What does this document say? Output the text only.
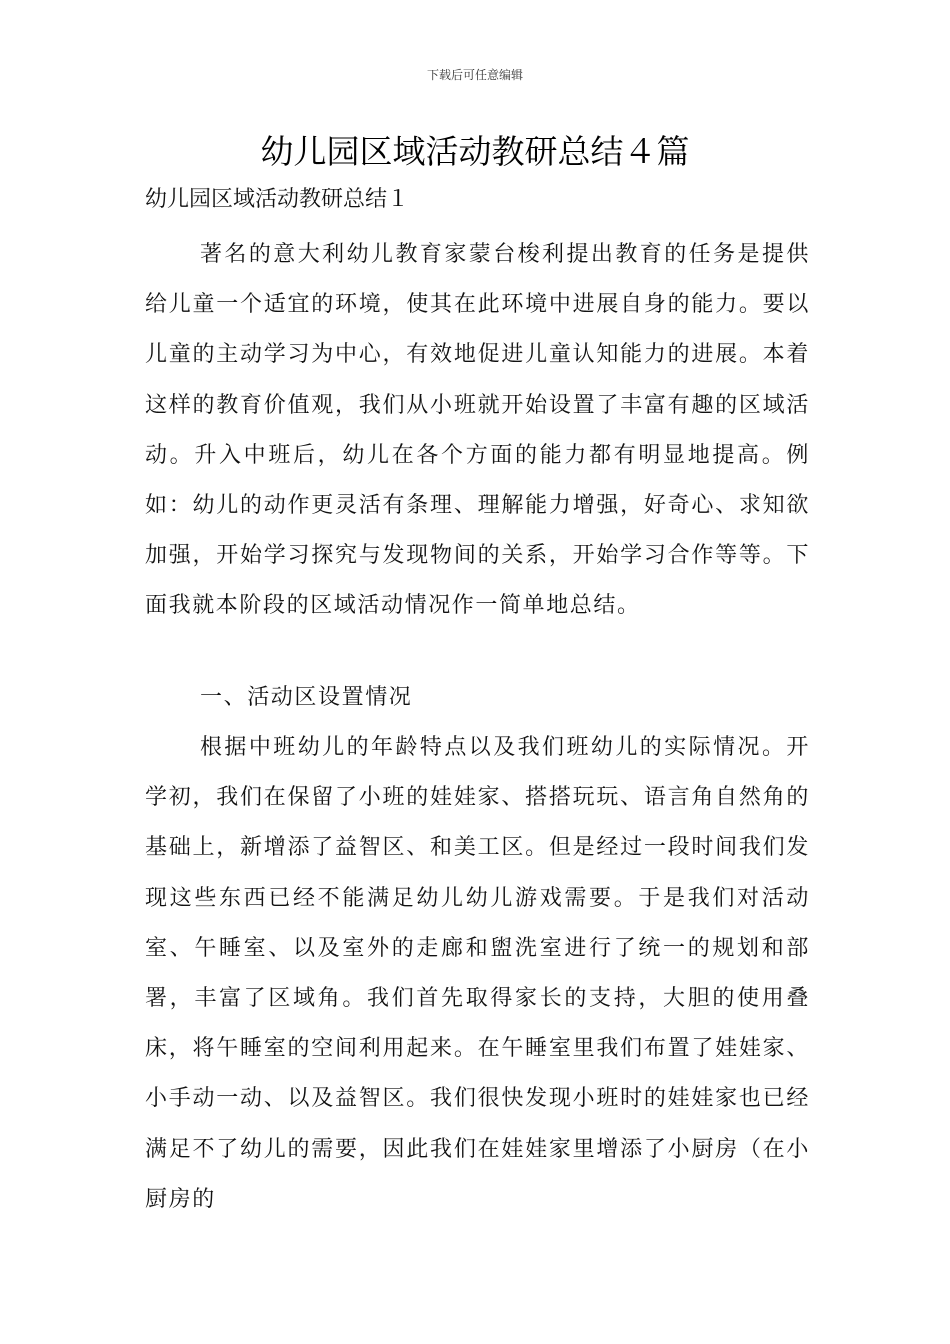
下载后可任意编辑
幼儿园区域活动教研总结４篇
幼儿园区域活动教研总结１

著名的意大利幼儿教育家蒙台梭利提出教育的任务是提供给儿童一个适宜的环境，使其在此环境中进展自身的能力。要以儿童的主动学习为中心，有效地促进儿童认知能力的进展。本着这样的教育价值观，我们从小班就开始设置了丰富有趣的区域活动。升入中班后，幼儿在各个方面的能力都有明显地提高。例如：幼儿的动作更灵活有条理、理解能力增强，好奇心、求知欲加强，开始学习探究与发现物间的关系，开始学习合作等等。下面我就本阶段的区域活动情况作一简单地总结。

一、活动区设置情况

根据中班幼儿的年龄特点以及我们班幼儿的实际情况。开学初，我们在保留了小班的娃娃家、搭搭玩玩、语言角自然角的基础上，新增添了益智区、和美工区。但是经过一段时间我们发现这些东西已经不能满足幼儿幼儿游戏需要。于是我们对活动室、午睡室、以及室外的走廊和盥洗室进行了统一的规划和部署，丰富了区域角。我们首先取得家长的支持，大胆的使用叠床，将午睡室的空间利用起来。在午睡室里我们布置了娃娃家、小手动一动、以及益智区。我们很快发现小班时的娃娃家也已经满足不了幼儿的需要，因此我们在娃娃家里增添了小厨房（在小厨房的
